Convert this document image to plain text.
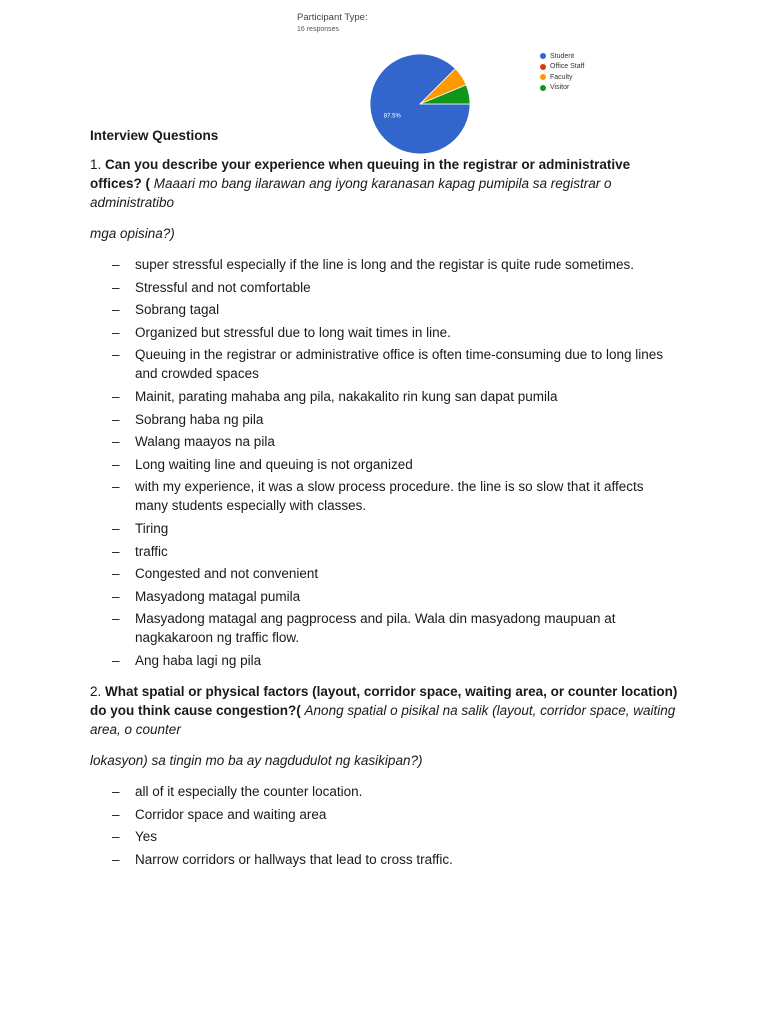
Participant Type:
16 responses
87.5%
Student
Office Staff
Faculty
Visitor

Interview Questions

1. Can you describe your experience when queuing in the registrar or administrative offices? ( Maaari mo bang ilarawan ang iyong karanasan kapag pumipila sa registrar o administratibo

mga opisina?)

– super stressful especially if the line is long and the registar is quite rude sometimes.
– Stressful and not comfortable
– Sobrang tagal
– Organized but stressful due to long wait times in line.
– Queuing in the registrar or administrative office is often time-consuming due to long lines and crowded spaces
– Mainit, parating mahaba ang pila, nakakalito rin kung san dapat pumila
– Sobrang haba ng pila
– Walang maayos na pila
– Long waiting line and queuing is not organized
– with my experience, it was a slow process procedure. the line is so slow that it affects many students especially with classes.
– Tiring
– traffic
– Congested and not convenient
– Masyadong matagal pumila
– Masyadong matagal ang pagprocess and pila. Wala din masyadong maupuan at nagkakaroon ng traffic flow.
– Ang haba lagi ng pila

2. What spatial or physical factors (layout, corridor space, waiting area, or counter location) do you think cause congestion?( Anong spatial o pisikal na salik (layout, corridor space, waiting area, o counter

lokasyon) sa tingin mo ba ay nagdudulot ng kasikipan?)

– all of it especially the counter location.
– Corridor space and waiting area
– Yes
– Narrow corridors or hallways that lead to cross traffic.
